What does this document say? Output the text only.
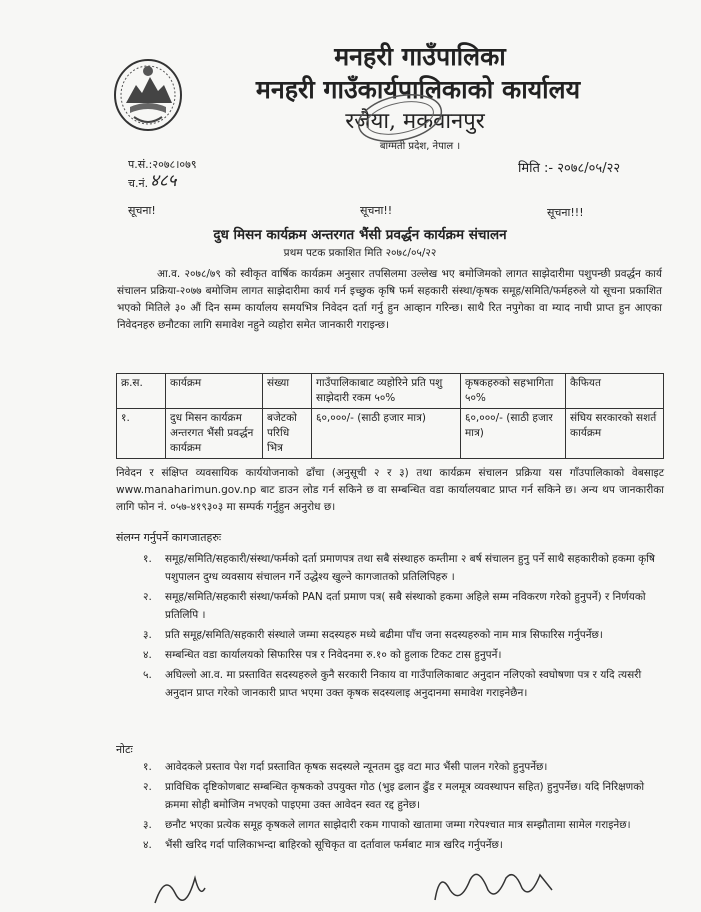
मनहरी गाउँपालिका
मनहरी गाउँकार्यपालिकाको कार्यालय
रजैया, मकवानपुर
बाग्मती प्रदेश, नेपाल ।
प.सं.:२०७८।०७९
च.नं. ४८५
मिति :- २०७८/०५/२२
सूचना!	सूचना!!	सूचना!!!
दुध मिसन कार्यक्रम अन्तरगत भैंसी प्रवर्द्धन कार्यक्रम संचालन
प्रथम पटक प्रकाशित मिति २०७८/०५/२२
आ.व. २०७८/७९ को स्वीकृत वार्षिक कार्यक्रम अनुसार तपसिलमा उल्लेख भए बमोजिमको लागत साझेदारीमा पशुपन्छी प्रवर्द्धन कार्य संचालन प्रक्रिया-२०७७ बमोजिम लागत साझेदारीमा कार्य गर्न इच्छुक कृषि फर्म सहकारी संस्था/कृषक समूह/समिति/फर्महरुले यो सूचना प्रकाशित भएको मितिले ३० औं दिन सम्म कार्यालय समयभित्र निवेदन दर्ता गर्नु हुन आव्हान गरिन्छ। साथै रित नपुगेका वा म्याद नाघी प्राप्त हुन आएका निवेदनहरु छनौटका लागि समावेश नहुने व्यहोरा समेत जानकारी गराइन्छ।
क्र.स.	कार्यक्रम	संख्या	गाउँपालिकाबाट व्यहोरिने प्रति पशु साझेदारी रकम ५०%	कृषकहरुको सहभागिता ५०%	कैफियत
१.	दुध मिसन कार्यक्रम अन्तरगत भैंसी प्रवर्द्धन कार्यक्रम	बजेटको परिधि भित्र	६०,०००/- (साठी हजार मात्र)	६०,०००/- (साठी हजार मात्र)	संघिय सरकारको सशर्त कार्यक्रम
निवेदन र संक्षिप्त व्यवसायिक कार्ययोजनाको ढाँचा (अनुसूची २ र ३) तथा कार्यक्रम संचालन प्रक्रिया यस गाँउपालिकाको वेबसाइट www.manaharimun.gov.np बाट डाउन लोड गर्न सकिने छ वा सम्बन्धित वडा कार्यालयबाट प्राप्त गर्न सकिने छ। अन्य थप जानकारीका लागि फोन नं. ०५७-४१९३०३ मा सम्पर्क गर्नुहुन अनुरोध छ।
संलग्न गर्नुपर्ने कागजातहरुः
१. समूह/समिति/सहकारी/संस्था/फर्मको दर्ता प्रमाणपत्र तथा सबै संस्थाहरु कम्तीमा २ बर्ष संचालन हुनु पर्ने साथै सहकारीको हकमा कृषि पशुपालन दुग्ध व्यवसाय संचालन गर्ने उद्धेश्य खुल्ने कागजातको प्रतिलिपिहरु ।
२. समूह/समिति/सहकारी संस्था/फर्मको PAN दर्ता प्रमाण पत्र( सबै संस्थाको हकमा अहिले सम्म नविकरण गरेको हुनुपर्ने) र निर्णयको प्रतिलिपि ।
३. प्रति समूह/समिति/सहकारी संस्थाले जम्मा सदस्यहरु मध्ये बढीमा पाँच जना सदस्यहरुको नाम मात्र सिफारिस गर्नुपर्नेछ।
४. सम्बन्धित वडा कार्यालयको सिफारिस पत्र र निवेदनमा रु.१० को हुलाक टिकट टास हुनुपर्ने।
५. अघिल्लो आ.व. मा प्रस्तावित सदस्यहरुले कुनै सरकारी निकाय वा गाउँपालिकाबाट अनुदान नलिएको स्वघोषणा पत्र र यदि त्यसरी अनुदान प्राप्त गरेको जानकारी प्राप्त भएमा उक्त कृषक सदस्यलाइ अनुदानमा समावेश गराइनेछैन।
नोटः
१. आवेदकले प्रस्ताव पेश गर्दा प्रस्तावित कृषक सदस्यले न्यूनतम दुइ वटा माउ भैंसी पालन गरेको हुनुपर्नेछ।
२. प्राविधिक दृष्टिकोणबाट सम्बन्धित कृषकको उपयुक्त गोठ (भुइ ढलान ढुँड र मलमूत्र व्यवस्थापन सहित) हुनुपर्नेछ। यदि निरिक्षणको क्रममा सोही बमोजिम नभएको पाइएमा उक्त आवेदन स्वत रद्द हुनेछ।
३. छनौट भएका प्रत्येक समूह कृषकले लागत साझेदारी रकम गापाको खातामा जम्मा गरेपश्चात मात्र सम्झौतामा सामेल गराइनेछ।
४. भैंसी खरिद गर्दा पालिकाभन्दा बाहिरको सूचिकृत वा दर्तावाल फर्मबाट मात्र खरिद गर्नुपर्नेछ।
